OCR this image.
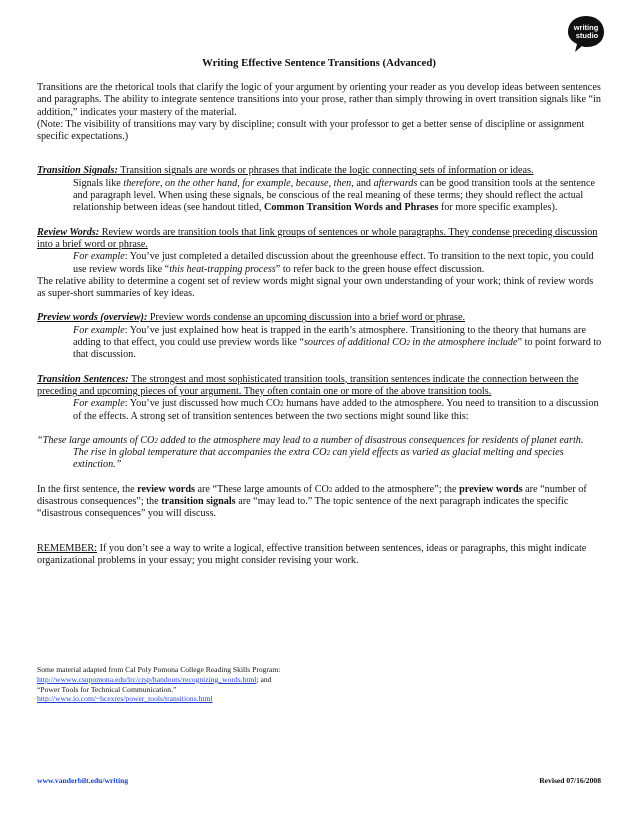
writing
studio
Writing Effective Sentence Transitions (Advanced)

Transitions are the rhetorical tools that clarify the logic of your argument by orienting your reader as you develop ideas between sentences and paragraphs. The ability to integrate sentence transitions into your prose, rather than simply throwing in overt transition signals like “in addition,” indicates your mastery of the material.

(Note: The visibility of transitions may vary by discipline; consult with your professor to get a better sense of discipline or assignment specific expectations.)

Transition Signals: Transition signals are words or phrases that indicate the logic connecting sets of information or ideas.

Signals like therefore, on the other hand, for example, because, then, and afterwards can be good transition tools at the sentence and paragraph level. When using these signals, be conscious of the real meaning of these terms; they should reflect the actual relationship between ideas (see handout titled, Common Transition Words and Phrases for more specific examples).

Review Words: Review words are transition tools that link groups of sentences or whole paragraphs. They condense preceding discussion into a brief word or phrase.

For example: You’ve just completed a detailed discussion about the greenhouse effect. To transition to the next topic, you could use review words like “this heat-trapping process” to refer back to the green house effect discussion.

The relative ability to determine a cogent set of review words might signal your own understanding of your work; think of review words as super-short summaries of key ideas.

Preview words (overview): Preview words condense an upcoming discussion into a brief word or phrase.

For example: You’ve just explained how heat is trapped in the earth’s atmosphere. Transitioning to the theory that humans are adding to that effect, you could use preview words like “sources of additional CO2 in the atmosphere include” to point forward to that discussion.

Transition Sentences: The strongest and most sophisticated transition tools, transition sentences indicate the connection between the preceding and upcoming pieces of your argument. They often contain one or more of the above transition tools.

For example: You’ve just discussed how much CO2 humans have added to the atmosphere. You need to transition to a discussion of the effects. A strong set of transition sentences between the two sections might sound like this:

“These large amounts of CO2 added to the atmosphere may lead to a number of disastrous consequences for residents of planet earth.

The rise in global temperature that accompanies the extra CO2 can yield effects as varied as glacial melting and species extinction.”

In the first sentence, the review words are “These large amounts of CO2 added to the atmosphere”; the preview words are “number of disastrous consequences”; the transition signals are “may lead to.” The topic sentence of the next paragraph indicates the specific “disastrous consequences” you will discuss.

REMEMBER: If you don’t see a way to write a logical, effective transition between sentences, ideas or paragraphs, this might indicate organizational problems in your essay; you might consider revising your work.

Some material adapted from Cal Poly Pomona College Reading Skills Program:
http://wwww.csupomona.edu/lrc/crsp/handouts/recognizing_words.html; and
“Power Tools for Technical Communication.”
http://www.io.com/~hcexres/power_tools/transitions.html
www.vanderbilt.edu/writing	Revised 07/16/2008
